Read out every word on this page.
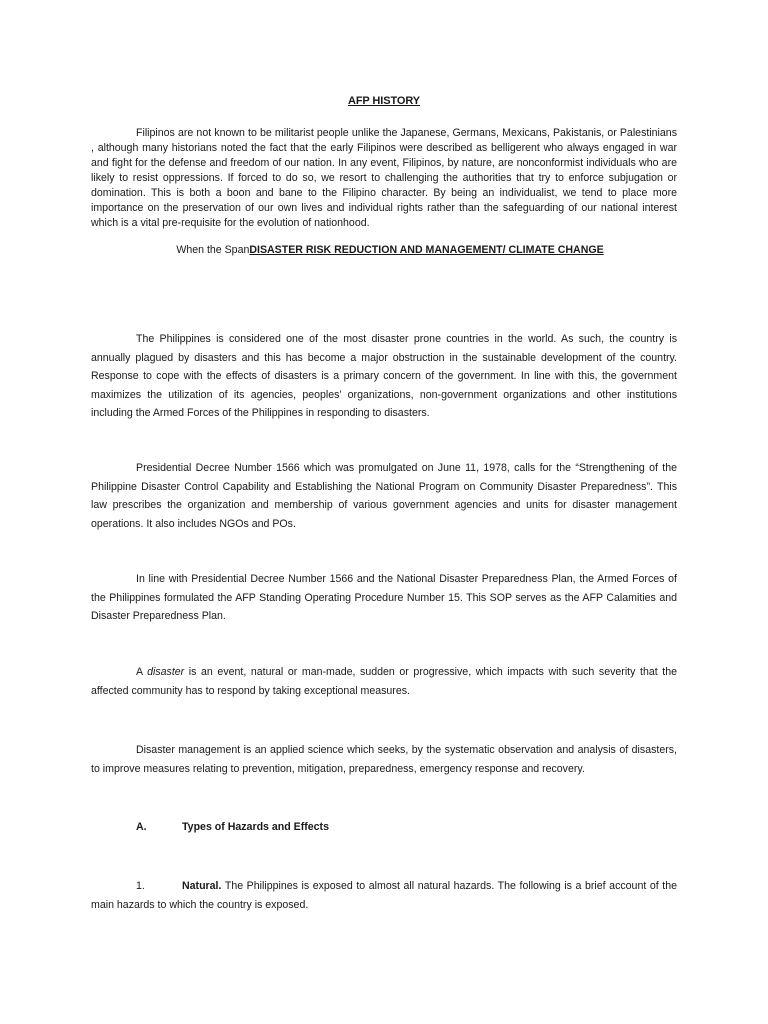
AFP HISTORY

Filipinos are not known to be militarist people unlike the Japanese, Germans, Mexicans, Pakistanis, or Palestinians , although many historians noted the fact that the early Filipinos were described as belligerent who always engaged in war and fight for the defense and freedom of our nation. In any event, Filipinos, by nature, are nonconformist individuals who are likely to resist oppressions. If forced to do so, we resort to challenging the authorities that try to enforce subjugation or domination. This is both a boon and bane to the Filipino character. By being an individualist, we tend to place more importance on the preservation of our own lives and individual rights rather than the safeguarding of our national interest which is a vital pre-requisite for the evolution of nationhood.

When the SpanDISASTER RISK REDUCTION AND MANAGEMENT/ CLIMATE CHANGE

The Philippines is considered one of the most disaster prone countries in the world. As such, the country is annually plagued by disasters and this has become a major obstruction in the sustainable development of the country. Response to cope with the effects of disasters is a primary concern of the government. In line with this, the government maximizes the utilization of its agencies, peoples’ organizations, non-government organizations and other institutions including the Armed Forces of the Philippines in responding to disasters.

Presidential Decree Number 1566 which was promulgated on June 11, 1978, calls for the “Strengthening of the Philippine Disaster Control Capability and Establishing the National Program on Community Disaster Preparedness”. This law prescribes the organization and membership of various government agencies and units for disaster management operations. It also includes NGOs and POs.

In line with Presidential Decree Number 1566 and the National Disaster Preparedness Plan, the Armed Forces of the Philippines formulated the AFP Standing Operating Procedure Number 15. This SOP serves as the AFP Calamities and Disaster Preparedness Plan.

A disaster is an event, natural or man-made, sudden or progressive, which impacts with such severity that the affected community has to respond by taking exceptional measures.

Disaster management is an applied science which seeks, by the systematic observation and analysis of disasters, to improve measures relating to prevention, mitigation, preparedness, emergency response and recovery.

A.	Types of Hazards and Effects

1.	Natural. The Philippines is exposed to almost all natural hazards. The following is a brief account of the main hazards to which the country is exposed.
